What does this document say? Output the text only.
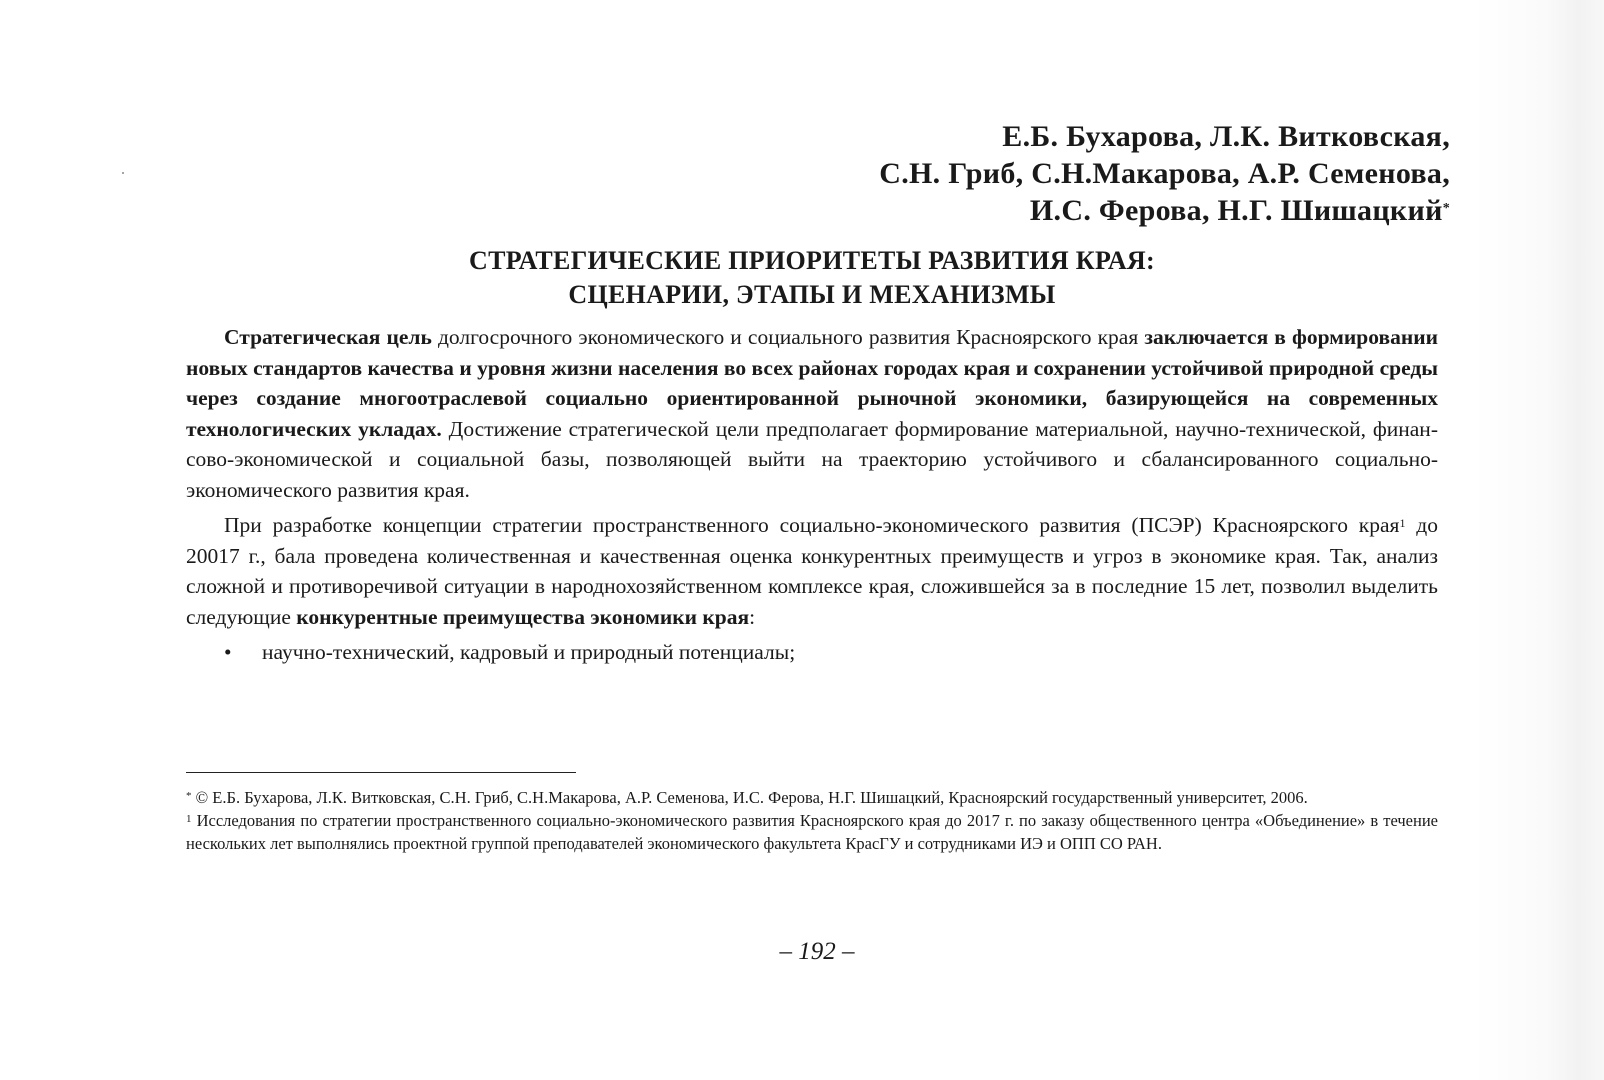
Е.Б. Бухарова, Л.К. Витковская,
С.Н. Гриб, С.Н.Макарова, А.Р. Семенова,
И.С. Ферова, Н.Г. Шишацкий*
СТРАТЕГИЧЕСКИЕ ПРИОРИТЕТЫ РАЗВИТИЯ КРАЯ:
СЦЕНАРИИ, ЭТАПЫ И МЕХАНИЗМЫ

Стратегическая цель долгосрочного экономического и социального развития Красноярского края заключается в формировании новых стандартов качества и уровня жизни населения во всех районах городах края и сохранении устойчивой природной среды через создание многоотраслевой социально ориентированной рыночной экономики, базирующейся на современных технологических укладах. Достижение стратегической цели предполагает формирование материальной, научно-технической, финансово-экономической и социальной базы, позволяющей выйти на траекторию устойчивого и сбалансированного социально-экономического развития края.

При разработке концепции стратегии пространственного социально-экономического развития (ПСЭР) Красноярского края$^1$ до 20017 г., бала проведена количественная и качественная оценка конкурентных преимуществ и угроз в экономике края. Так, анализ сложной и противоречивой ситуации в народнохозяйственном комплексе края, сложившейся за в последние 15 лет, позволил выделить следующие конкурентные преимущества экономики края:

• научно-технический, кадровый и природный потенциалы;

* © Е.Б. Бухарова, Л.К. Витковская, С.Н. Гриб, С.Н.Макарова, А.Р. Семенова, И.С. Ферова, Н.Г. Шишацкий, Красноярский государственный университет, 2006.

$^1$ Исследования по стратегии пространственного социально-экономического развития Красноярского края до 2017 г. по заказу общественного центра «Объединение» в течение нескольких лет выполнялись проектной группой преподавателей экономического факультета КрасГУ и сотрудниками ИЭ и ОПП СО РАН.

– 192 –
